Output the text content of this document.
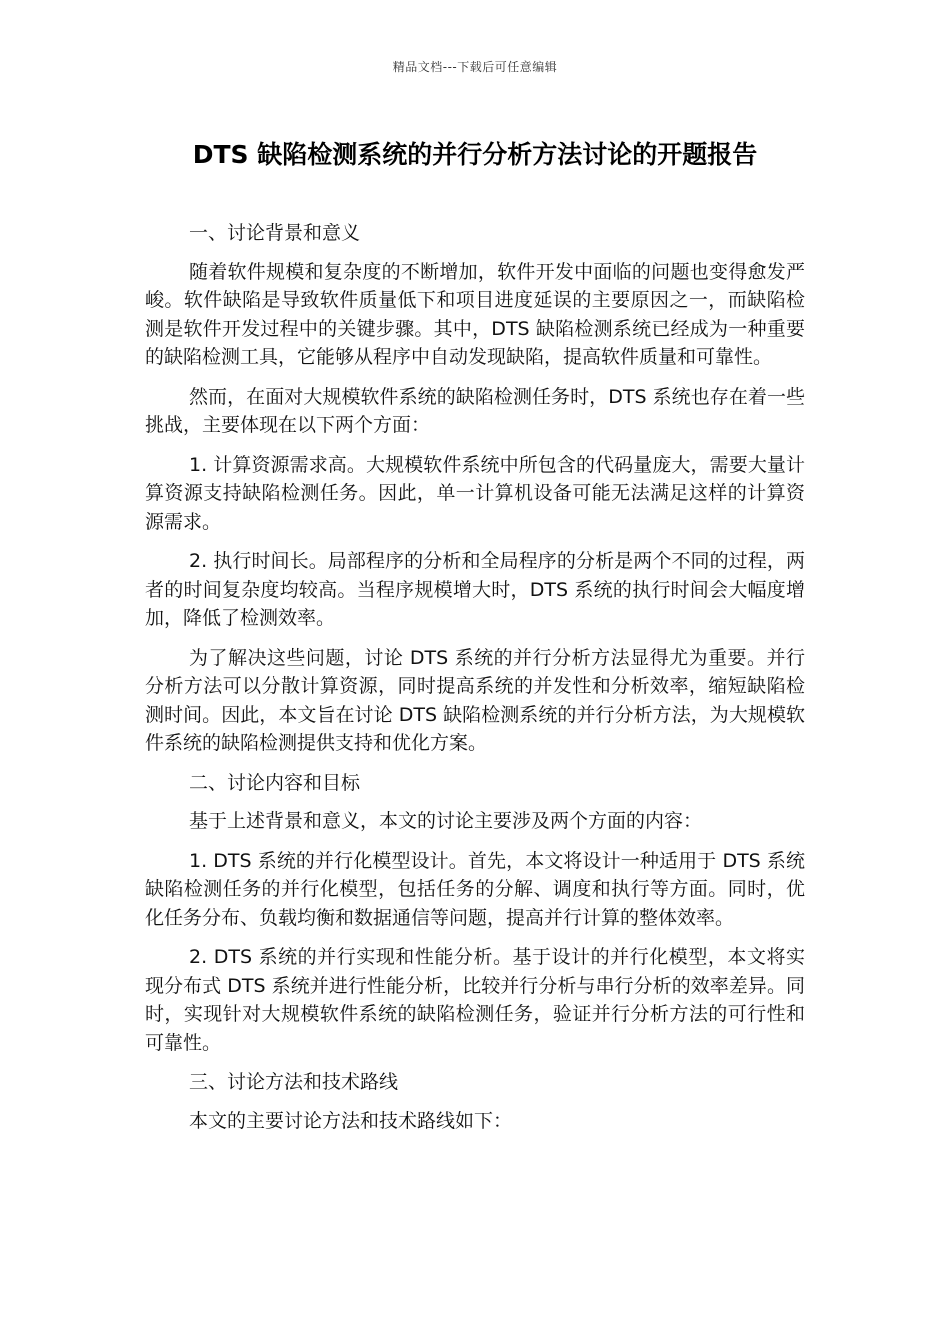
精品文档---下载后可任意编辑
DTS 缺陷检测系统的并行分析方法讨论的开题报告

一、讨论背景和意义

随着软件规模和复杂度的不断增加，软件开发中面临的问题也变得愈发严峻。软件缺陷是导致软件质量低下和项目进度延误的主要原因之一，而缺陷检测是软件开发过程中的关键步骤。其中，DTS 缺陷检测系统已经成为一种重要的缺陷检测工具，它能够从程序中自动发现缺陷，提高软件质量和可靠性。

然而，在面对大规模软件系统的缺陷检测任务时，DTS 系统也存在着一些挑战，主要体现在以下两个方面：

1. 计算资源需求高。大规模软件系统中所包含的代码量庞大，需要大量计算资源支持缺陷检测任务。因此，单一计算机设备可能无法满足这样的计算资源需求。

2. 执行时间长。局部程序的分析和全局程序的分析是两个不同的过程，两者的时间复杂度均较高。当程序规模增大时，DTS 系统的执行时间会大幅度增加，降低了检测效率。

为了解决这些问题，讨论 DTS 系统的并行分析方法显得尤为重要。并行分析方法可以分散计算资源，同时提高系统的并发性和分析效率，缩短缺陷检测时间。因此，本文旨在讨论 DTS 缺陷检测系统的并行分析方法，为大规模软件系统的缺陷检测提供支持和优化方案。

二、讨论内容和目标

基于上述背景和意义，本文的讨论主要涉及两个方面的内容：

1. DTS 系统的并行化模型设计。首先，本文将设计一种适用于 DTS 系统缺陷检测任务的并行化模型，包括任务的分解、调度和执行等方面。同时，优化任务分布、负载均衡和数据通信等问题，提高并行计算的整体效率。

2. DTS 系统的并行实现和性能分析。基于设计的并行化模型，本文将实现分布式 DTS 系统并进行性能分析，比较并行分析与串行分析的效率差异。同时，实现针对大规模软件系统的缺陷检测任务，验证并行分析方法的可行性和可靠性。

三、讨论方法和技术路线

本文的主要讨论方法和技术路线如下：
